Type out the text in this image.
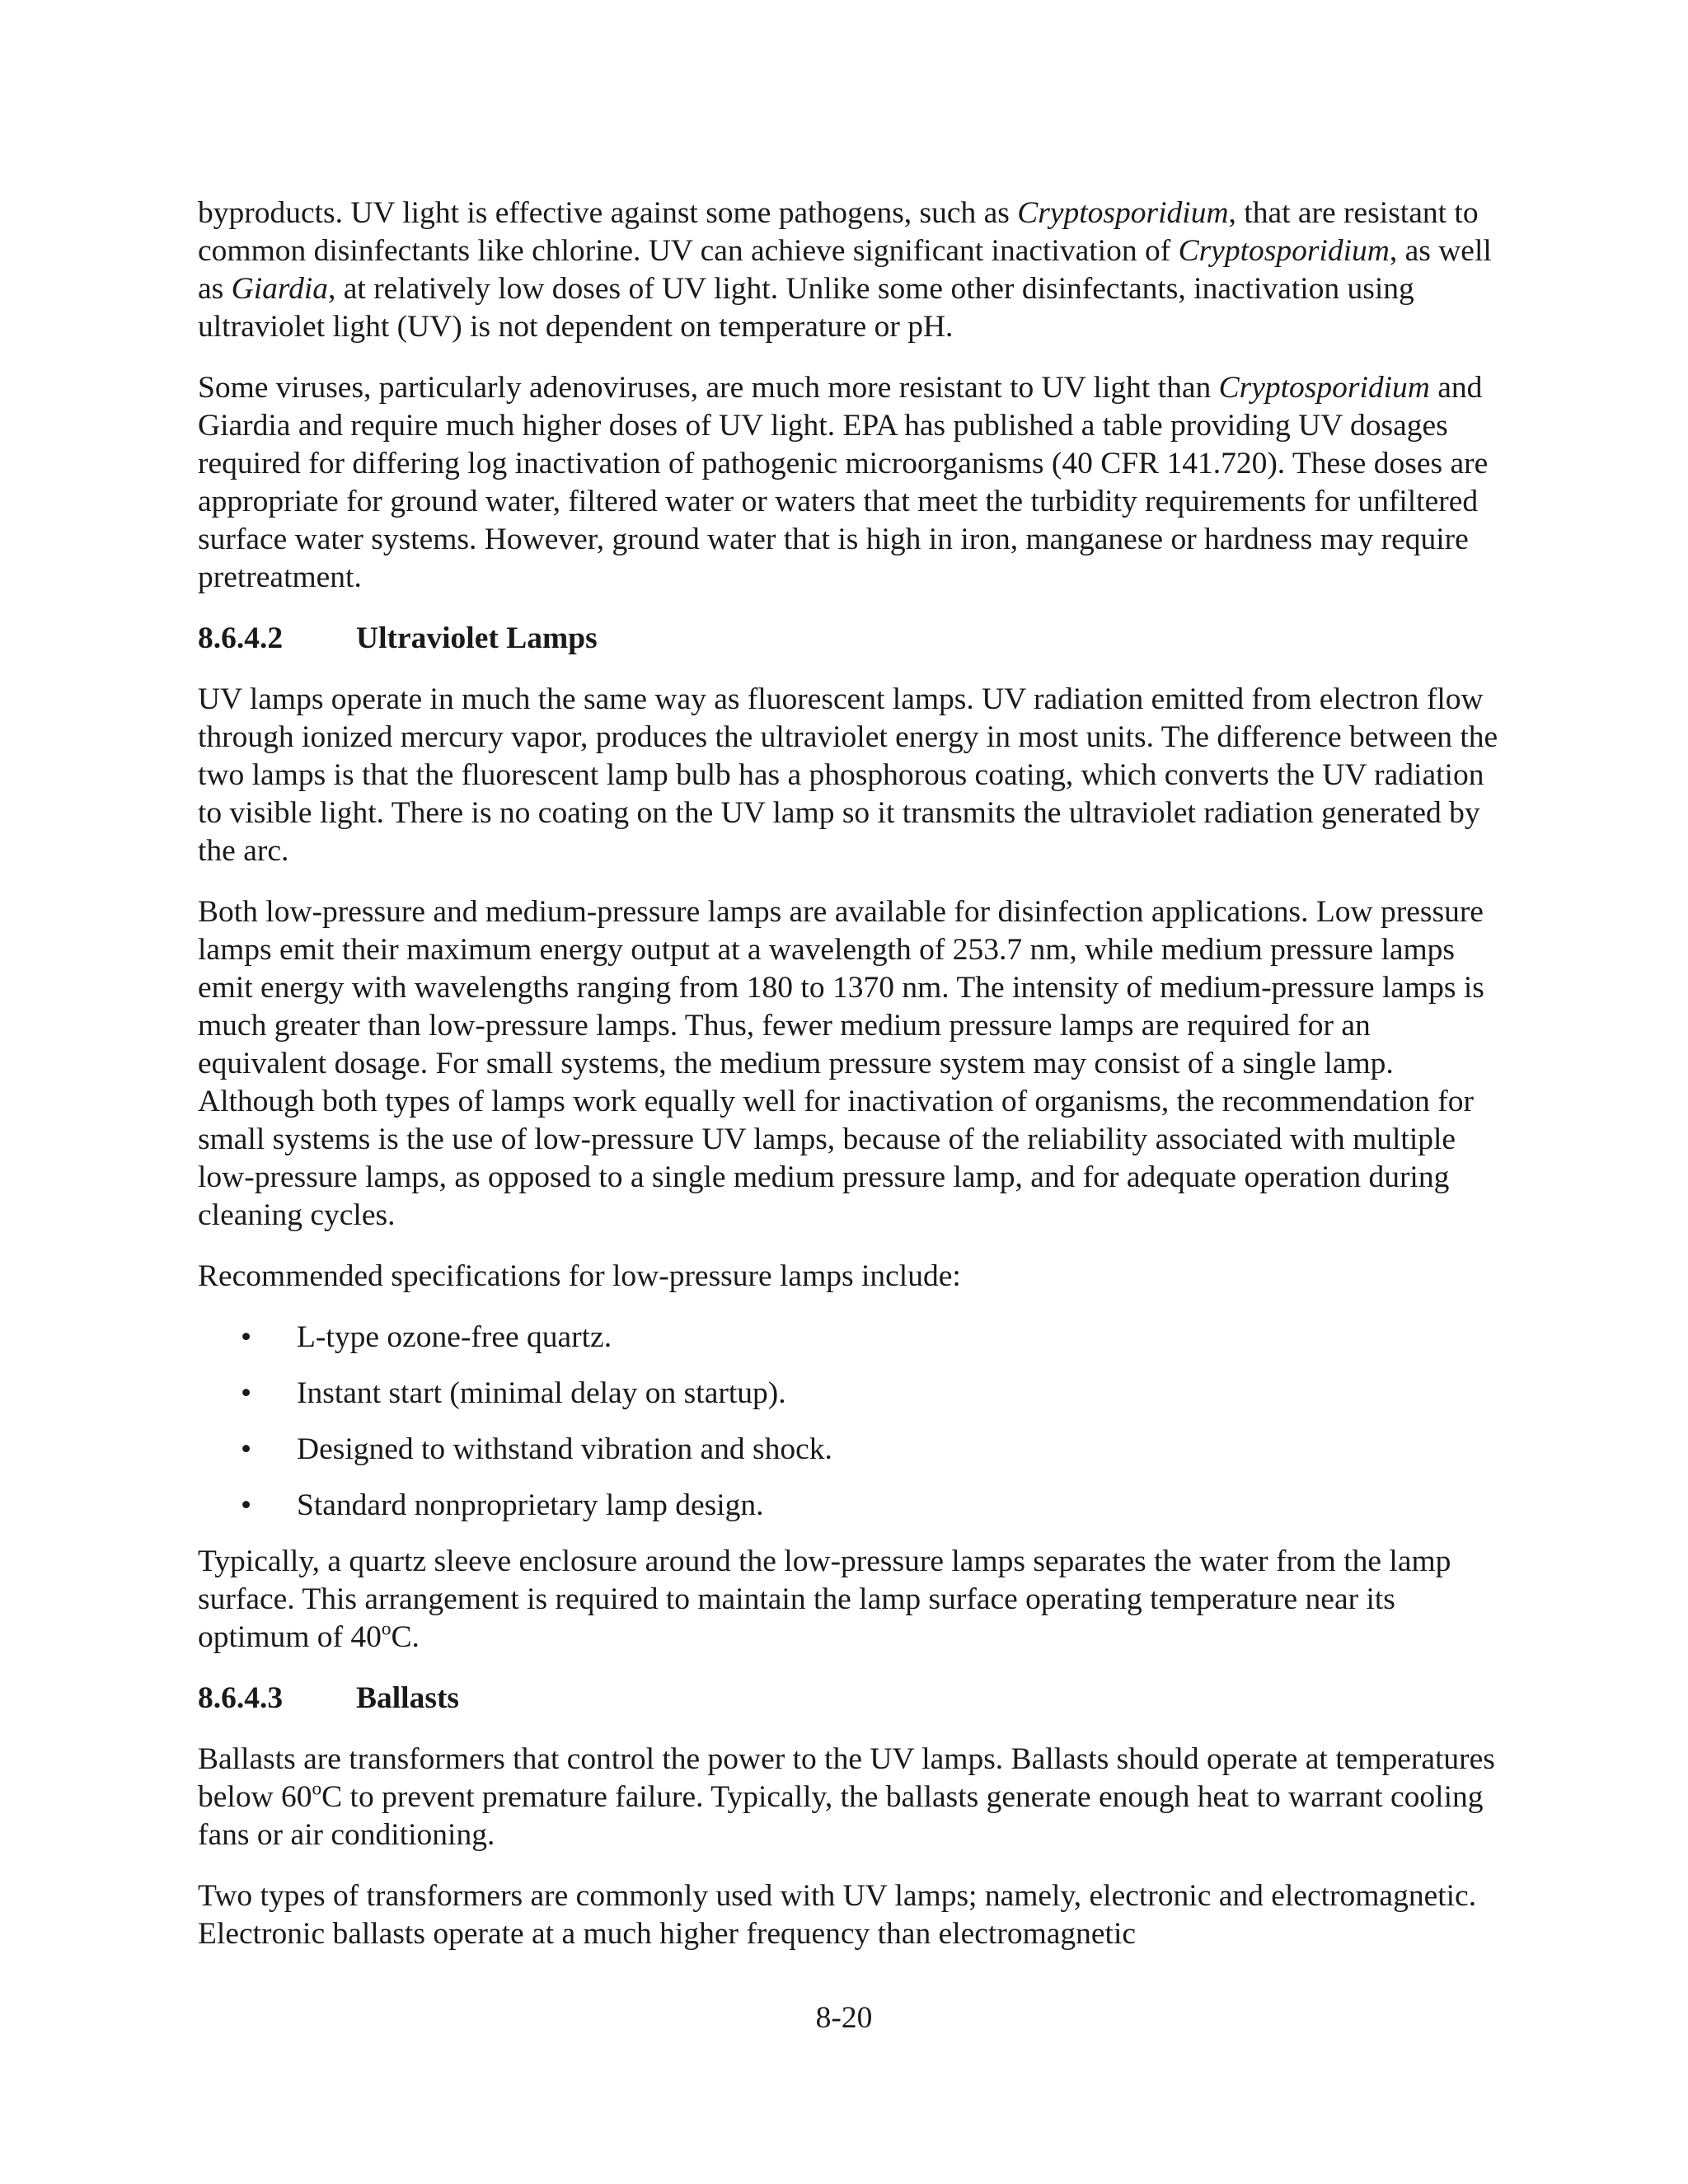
byproducts. UV light is effective against some pathogens, such as Cryptosporidium, that are resistant to common disinfectants like chlorine. UV can achieve significant inactivation of Cryptosporidium, as well as Giardia, at relatively low doses of UV light. Unlike some other disinfectants, inactivation using ultraviolet light (UV) is not dependent on temperature or pH.

Some viruses, particularly adenoviruses, are much more resistant to UV light than Cryptosporidium and Giardia and require much higher doses of UV light. EPA has published a table providing UV dosages required for differing log inactivation of pathogenic microorganisms (40 CFR 141.720). These doses are appropriate for ground water, filtered water or waters that meet the turbidity requirements for unfiltered surface water systems. However, ground water that is high in iron, manganese or hardness may require pretreatment.

8.6.4.2	Ultraviolet Lamps

UV lamps operate in much the same way as fluorescent lamps. UV radiation emitted from electron flow through ionized mercury vapor, produces the ultraviolet energy in most units. The difference between the two lamps is that the fluorescent lamp bulb has a phosphorous coating, which converts the UV radiation to visible light. There is no coating on the UV lamp so it transmits the ultraviolet radiation generated by the arc.

Both low-pressure and medium-pressure lamps are available for disinfection applications. Low pressure lamps emit their maximum energy output at a wavelength of 253.7 nm, while medium pressure lamps emit energy with wavelengths ranging from 180 to 1370 nm. The intensity of medium-pressure lamps is much greater than low-pressure lamps. Thus, fewer medium pressure lamps are required for an equivalent dosage. For small systems, the medium pressure system may consist of a single lamp. Although both types of lamps work equally well for inactivation of organisms, the recommendation for small systems is the use of low-pressure UV lamps, because of the reliability associated with multiple low-pressure lamps, as opposed to a single medium pressure lamp, and for adequate operation during cleaning cycles.

Recommended specifications for low-pressure lamps include:

• L-type ozone-free quartz.
• Instant start (minimal delay on startup).
• Designed to withstand vibration and shock.
• Standard nonproprietary lamp design.

Typically, a quartz sleeve enclosure around the low-pressure lamps separates the water from the lamp surface. This arrangement is required to maintain the lamp surface operating temperature near its optimum of 40$^o$C.

8.6.4.3	Ballasts

Ballasts are transformers that control the power to the UV lamps. Ballasts should operate at temperatures below 60$^o$C to prevent premature failure. Typically, the ballasts generate enough heat to warrant cooling fans or air conditioning.

Two types of transformers are commonly used with UV lamps; namely, electronic and electromagnetic. Electronic ballasts operate at a much higher frequency than electromagnetic

8-20
